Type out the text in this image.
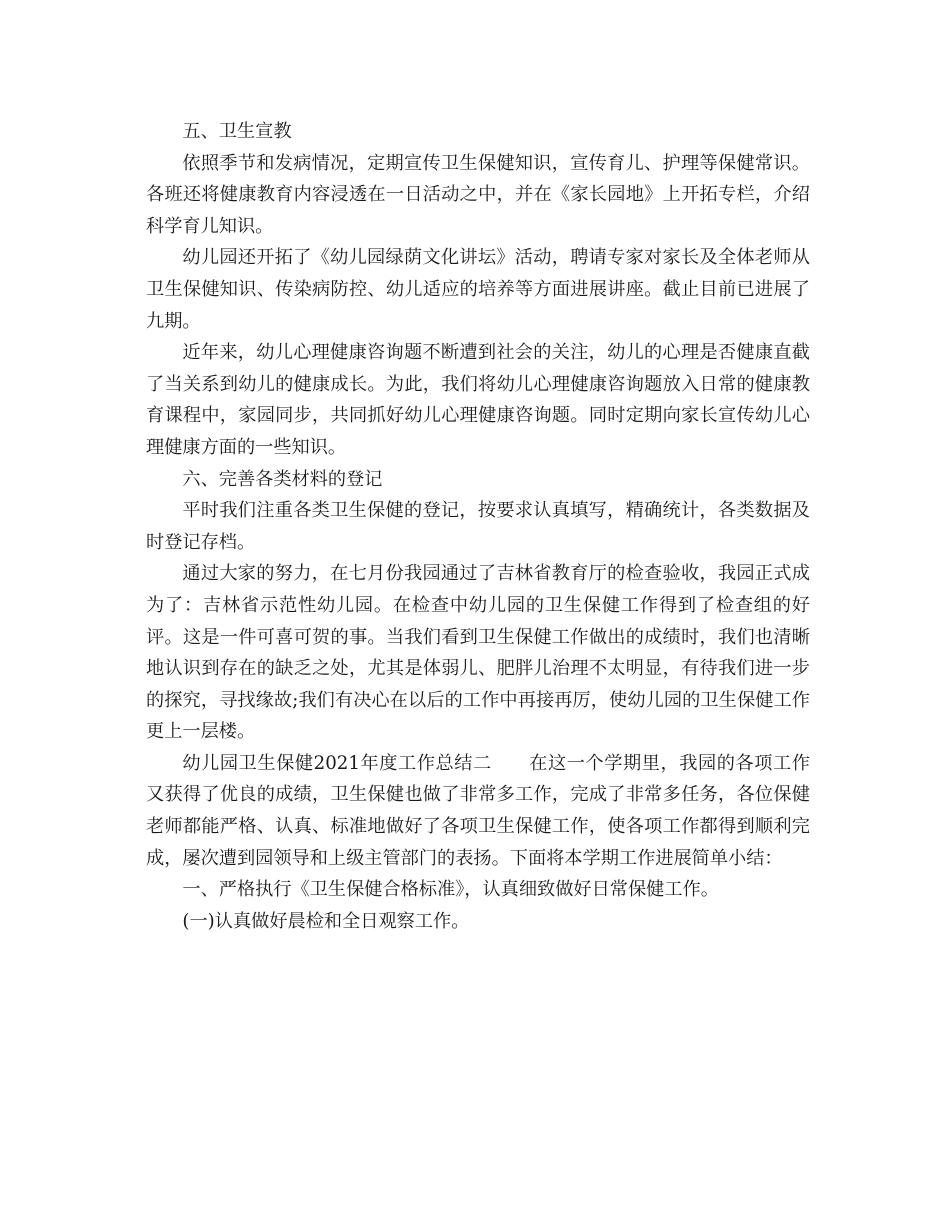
五、卫生宣教

依照季节和发病情况，定期宣传卫生保健知识，宣传育儿、护理等保健常识。各班还将健康教育内容浸透在一日活动之中，并在《家长园地》上开拓专栏，介绍科学育儿知识。

幼儿园还开拓了《幼儿园绿荫文化讲坛》活动，聘请专家对家长及全体老师从卫生保健知识、传染病防控、幼儿适应的培养等方面进展讲座。截止目前已进展了九期。

近年来，幼儿心理健康咨询题不断遭到社会的关注，幼儿的心理是否健康直截了当关系到幼儿的健康成长。为此，我们将幼儿心理健康咨询题放入日常的健康教育课程中，家园同步，共同抓好幼儿心理健康咨询题。同时定期向家长宣传幼儿心理健康方面的一些知识。

六、完善各类材料的登记

平时我们注重各类卫生保健的登记，按要求认真填写，精确统计，各类数据及时登记存档。

通过大家的努力，在七月份我园通过了吉林省教育厅的检查验收，我园正式成为了：吉林省示范性幼儿园。在检查中幼儿园的卫生保健工作得到了检查组的好评。这是一件可喜可贺的事。当我们看到卫生保健工作做出的成绩时，我们也清晰地认识到存在的缺乏之处，尤其是体弱儿、肥胖儿治理不太明显，有待我们进一步的探究，寻找缘故;我们有决心在以后的工作中再接再厉，使幼儿园的卫生保健工作更上一层楼。

幼儿园卫生保健2021年度工作总结二　　在这一个学期里，我园的各项工作又获得了优良的成绩，卫生保健也做了非常多工作，完成了非常多任务，各位保健老师都能严格、认真、标准地做好了各项卫生保健工作，使各项工作都得到顺利完成，屡次遭到园领导和上级主管部门的表扬。下面将本学期工作进展简单小结：

一、严格执行《卫生保健合格标准》，认真细致做好日常保健工作。

(一)认真做好晨检和全日观察工作。
